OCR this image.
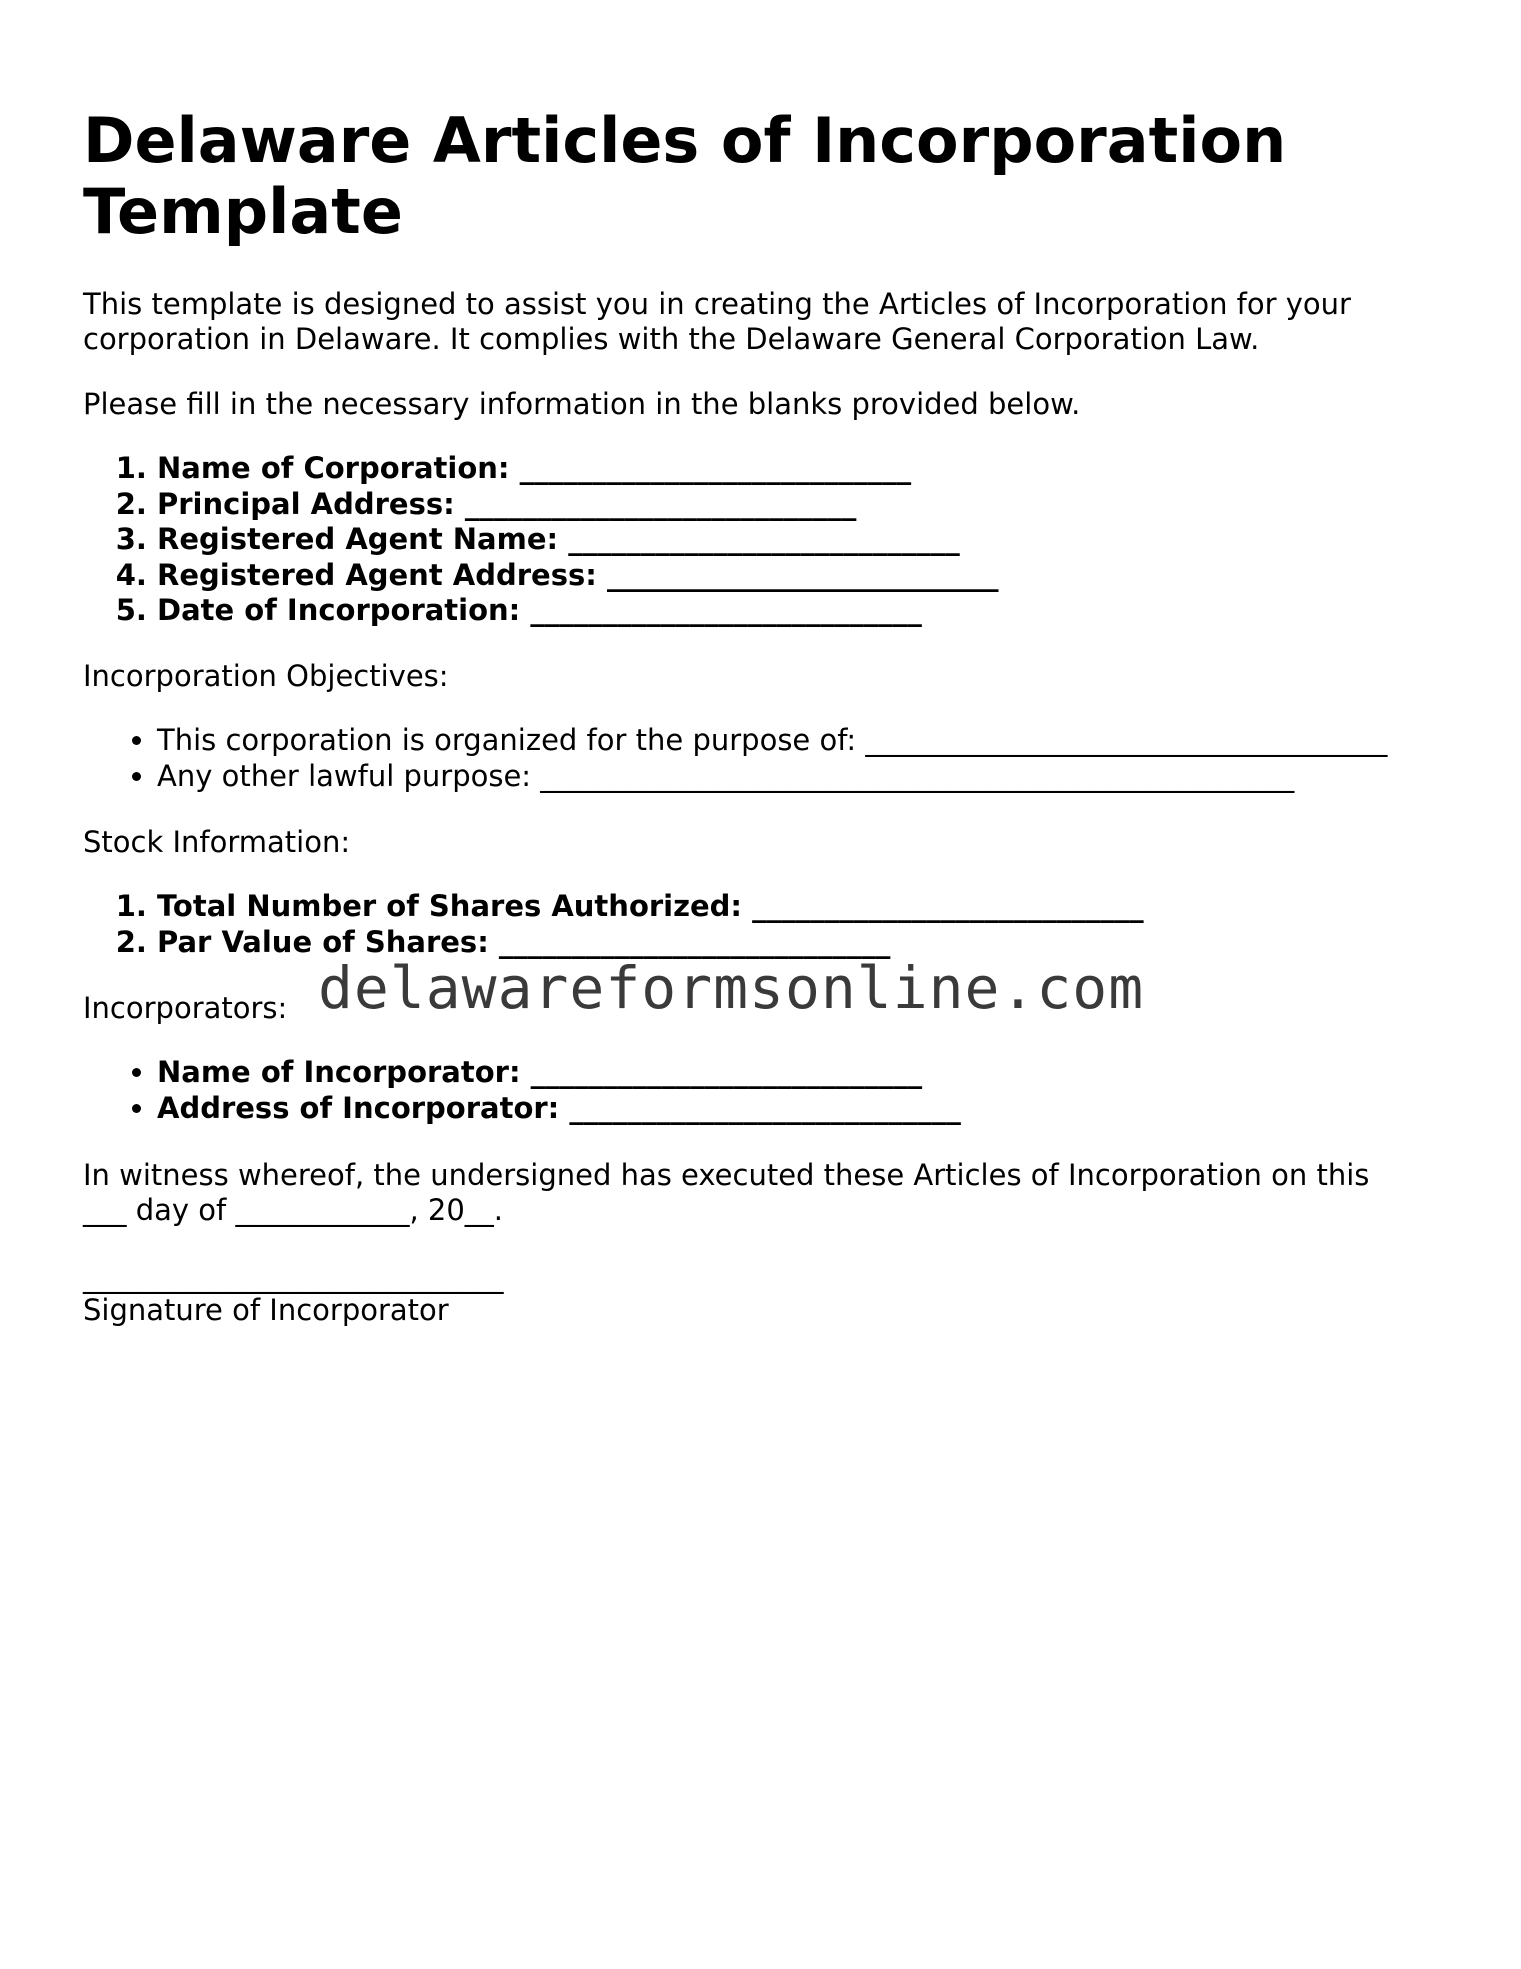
Delaware Articles of Incorporation Template

This template is designed to assist you in creating the Articles of Incorporation for your

corporation in Delaware. It complies with the Delaware General Corporation Law.

Please fill in the necessary information in the blanks provided below.

1. Name of Corporation: ___________________________
2. Principal Address: ___________________________
3. Registered Agent Name: ___________________________
4. Registered Agent Address: ___________________________
5. Date of Incorporation: ___________________________

Incorporation Objectives:

• This corporation is organized for the purpose of: ____________________________________
• Any other lawful purpose: ____________________________________________________

Stock Information:

1. Total Number of Shares Authorized: ___________________________
2. Par Value of Shares: ___________________________

Incorporators:

• Name of Incorporator: ___________________________
• Address of Incorporator: ___________________________

In witness whereof, the undersigned has executed these Articles of Incorporation on this

___ day of ____________, 20__.

_____________________________

Signature of Incorporator

delawareformsonline.com
